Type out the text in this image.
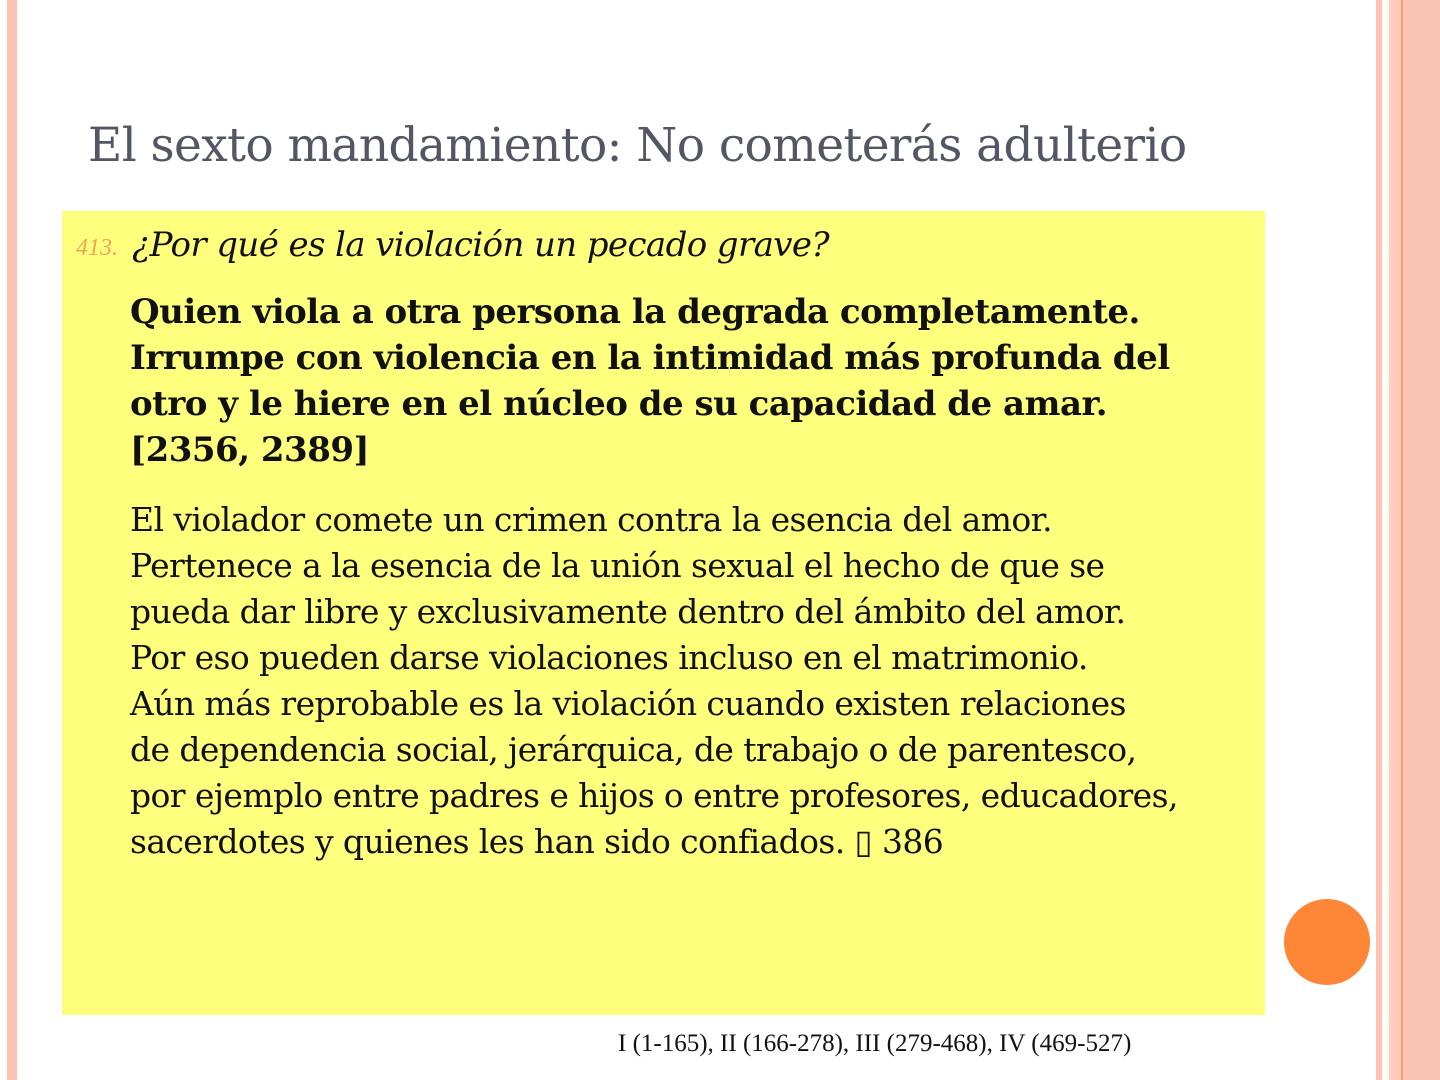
El sexto mandamiento: No cometerás adulterio
413. ¿Por qué es la violación un pecado grave?
Quien viola a otra persona la degrada completamente.
Irrumpe con violencia en la intimidad más profunda del
otro y le hiere en el núcleo de su capacidad de amar.
[2356, 2389]
El violador comete un crimen contra la esencia del amor.
Pertenece a la esencia de la unión sexual el hecho de que se
pueda dar libre y exclusivamente dentro del ámbito del amor.
Por eso pueden darse violaciones incluso en el matrimonio.
Aún más reprobable es la violación cuando existen relaciones
de dependencia social, jerárquica, de trabajo o de parentesco,
por ejemplo entre padres e hijos o entre profesores, educadores,
sacerdotes y quienes les han sido confiados. ▯ 386
I (1-165), II (166-278), III (279-468), IV (469-527)
